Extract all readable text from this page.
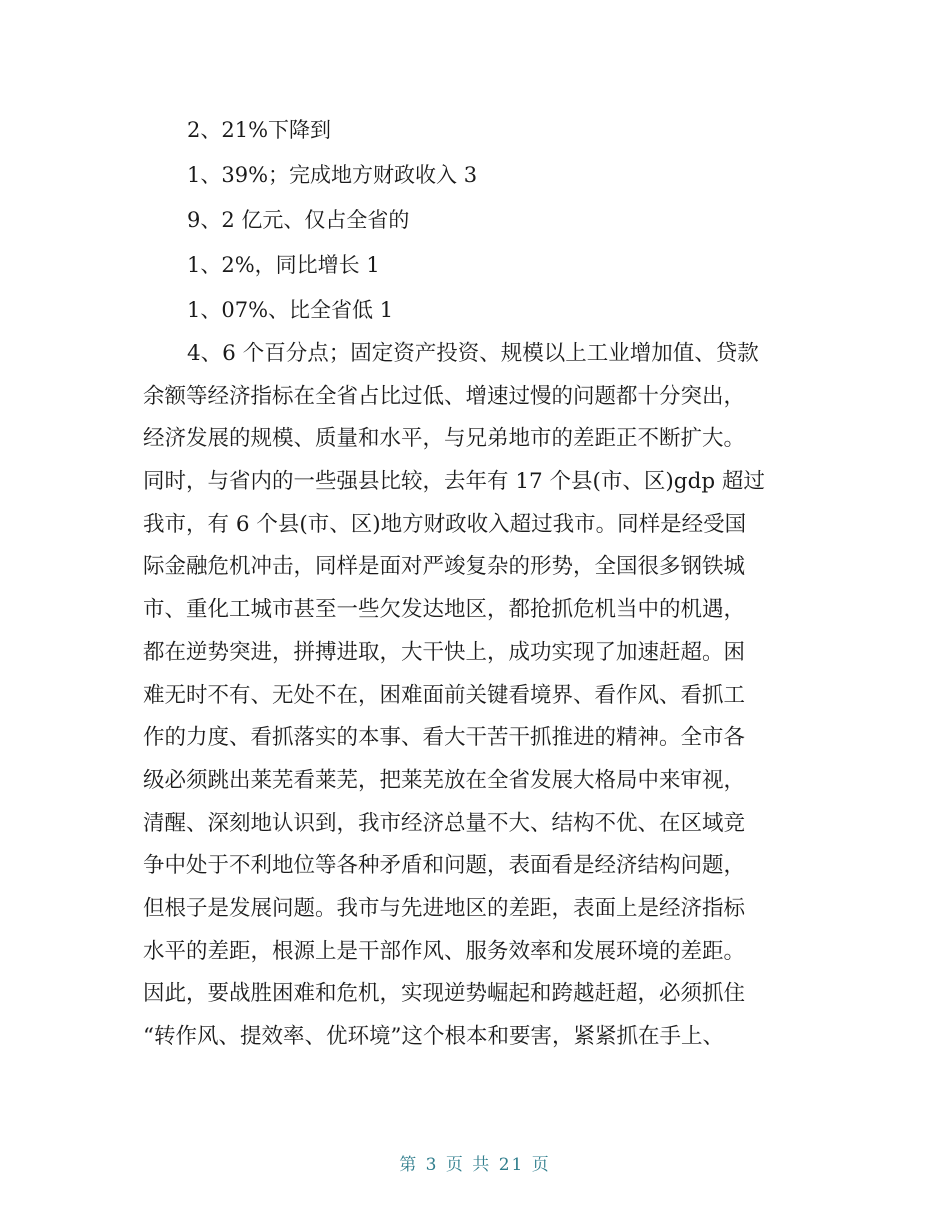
2、21%下降到
1、39%；完成地方财政收入 3
9、2 亿元、仅占全省的
1、2%，同比增长 1
1、07%、比全省低 1
4、6 个百分点；固定资产投资、规模以上工业增加值、贷款
余额等经济指标在全省占比过低、增速过慢的问题都十分突出，
经济发展的规模、质量和水平，与兄弟地市的差距正不断扩大。
同时，与省内的一些强县比较，去年有 17 个县(市、区)gdp 超过
我市，有 6 个县(市、区)地方财政收入超过我市。同样是经受国
际金融危机冲击，同样是面对严竣复杂的形势，全国很多钢铁城
市、重化工城市甚至一些欠发达地区，都抢抓危机当中的机遇，
都在逆势突进，拼搏进取，大干快上，成功实现了加速赶超。困
难无时不有、无处不在，困难面前关键看境界、看作风、看抓工
作的力度、看抓落实的本事、看大干苦干抓推进的精神。全市各
级必须跳出莱芜看莱芜，把莱芜放在全省发展大格局中来审视，
清醒、深刻地认识到，我市经济总量不大、结构不优、在区域竞
争中处于不利地位等各种矛盾和问题，表面看是经济结构问题，
但根子是发展问题。我市与先进地区的差距，表面上是经济指标
水平的差距，根源上是干部作风、服务效率和发展环境的差距。
因此，要战胜困难和危机，实现逆势崛起和跨越赶超，必须抓住
“转作风、提效率、优环境”这个根本和要害，紧紧抓在手上、
第 3 页 共 21 页
